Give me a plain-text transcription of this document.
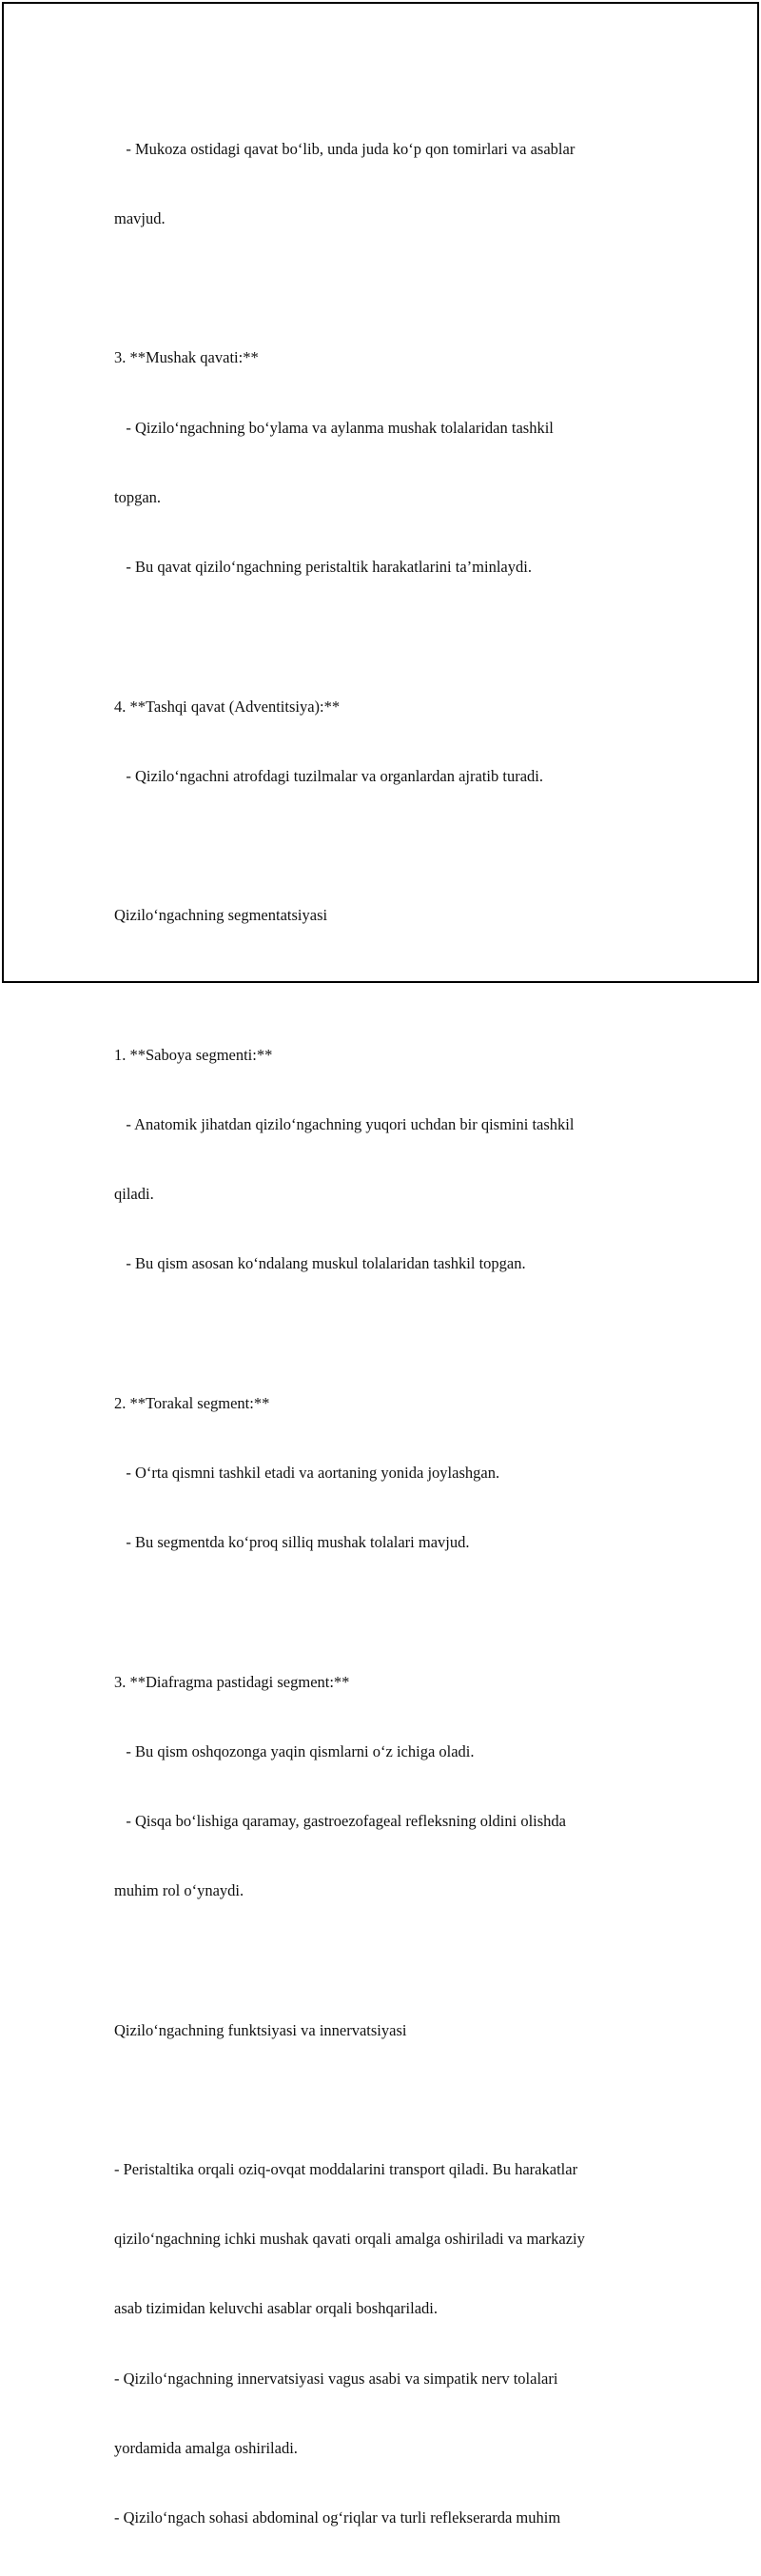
- Mukoza ostidagi qavat bo‘lib, unda juda ko‘p qon tomirlari va asablar

mavjud.

3. **Mushak qavati:**

- Qizilo‘ngachning bo‘ylama va aylanma mushak tolalaridan tashkil

topgan.

- Bu qavat qizilo‘ngachning peristaltik harakatlarini ta’minlaydi.

4. **Tashqi qavat (Adventitsiya):**

- Qizilo‘ngachni atrofdagi tuzilmalar va organlardan ajratib turadi.

Qizilo‘ngachning segmentatsiyasi

1. **Saboya segmenti:**

- Anatomik jihatdan qizilo‘ngachning yuqori uchdan bir qismini tashkil

qiladi.

- Bu qism asosan ko‘ndalang muskul tolalaridan tashkil topgan.

2. **Torakal segment:**

- O‘rta qismni tashkil etadi va aortaning yonida joylashgan.

- Bu segmentda ko‘proq silliq mushak tolalari mavjud.

3. **Diafragma pastidagi segment:**

- Bu qism oshqozonga yaqin qismlarni o‘z ichiga oladi.

- Qisqa bo‘lishiga qaramay, gastroezofageal refleksning oldini olishda

muhim rol o‘ynaydi.

Qizilo‘ngachning funktsiyasi va innervatsiyasi

- Peristaltika orqali oziq-ovqat moddalarini transport qiladi. Bu harakatlar

qizilo‘ngachning ichki mushak qavati orqali amalga oshiriladi va markaziy

asab tizimidan keluvchi asablar orqali boshqariladi.

- Qizilo‘ngachning innervatsiyasi vagus asabi va simpatik nerv tolalari

yordamida amalga oshiriladi.

- Qizilo‘ngach sohasi abdominal og‘riqlar va turli reflekserarda muhim
